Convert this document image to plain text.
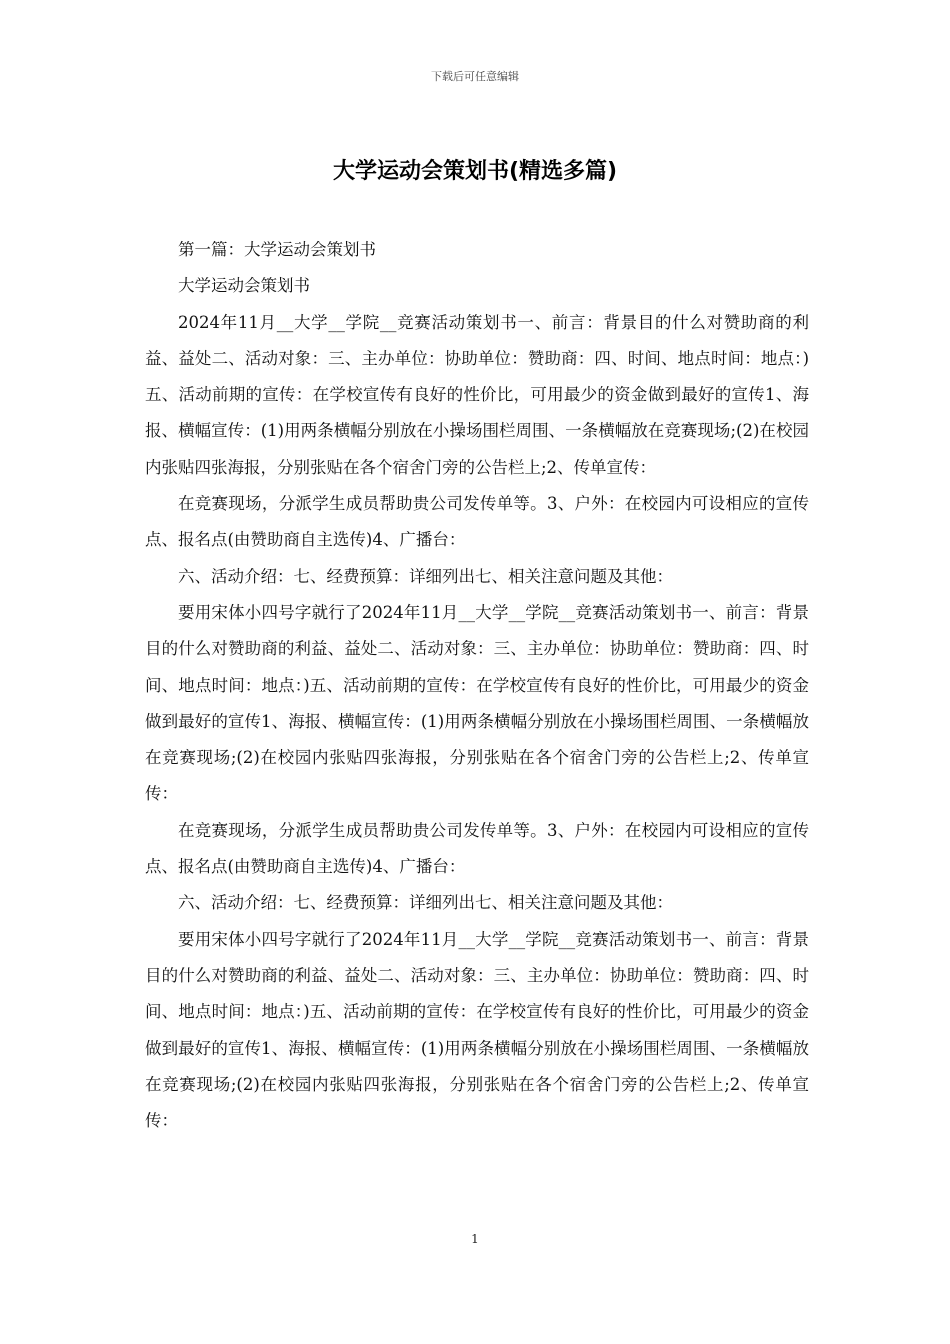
下载后可任意编辑
大学运动会策划书(精选多篇)

第一篇：大学运动会策划书

大学运动会策划书

2024年11月__大学__学院__竞赛活动策划书一、前言：背景目的什么对赞助商的利益、益处二、活动对象：三、主办单位：协助单位：赞助商：四、时间、地点时间：地点：)五、活动前期的宣传：在学校宣传有良好的性价比，可用最少的资金做到最好的宣传1、海报、横幅宣传：(1)用两条横幅分别放在小操场围栏周围、一条横幅放在竞赛现场;(2)在校园内张贴四张海报，分别张贴在各个宿舍门旁的公告栏上;2、传单宣传：

在竞赛现场，分派学生成员帮助贵公司发传单等。3、户外：在校园内可设相应的宣传点、报名点(由赞助商自主选传)4、广播台：

六、活动介绍：七、经费预算：详细列出七、相关注意问题及其他：

要用宋体小四号字就行了2024年11月__大学__学院__竞赛活动策划书一、前言：背景目的什么对赞助商的利益、益处二、活动对象：三、主办单位：协助单位：赞助商：四、时间、地点时间：地点：)五、活动前期的宣传：在学校宣传有良好的性价比，可用最少的资金做到最好的宣传1、海报、横幅宣传：(1)用两条横幅分别放在小操场围栏周围、一条横幅放在竞赛现场;(2)在校园内张贴四张海报，分别张贴在各个宿舍门旁的公告栏上;2、传单宣传：

在竞赛现场，分派学生成员帮助贵公司发传单等。3、户外：在校园内可设相应的宣传点、报名点(由赞助商自主选传)4、广播台：

六、活动介绍：七、经费预算：详细列出七、相关注意问题及其他：

要用宋体小四号字就行了2024年11月__大学__学院__竞赛活动策划书一、前言：背景目的什么对赞助商的利益、益处二、活动对象：三、主办单位：协助单位：赞助商：四、时间、地点时间：地点：)五、活动前期的宣传：在学校宣传有良好的性价比，可用最少的资金做到最好的宣传1、海报、横幅宣传：(1)用两条横幅分别放在小操场围栏周围、一条横幅放在竞赛现场;(2)在校园内张贴四张海报，分别张贴在各个宿舍门旁的公告栏上;2、传单宣传：

1
